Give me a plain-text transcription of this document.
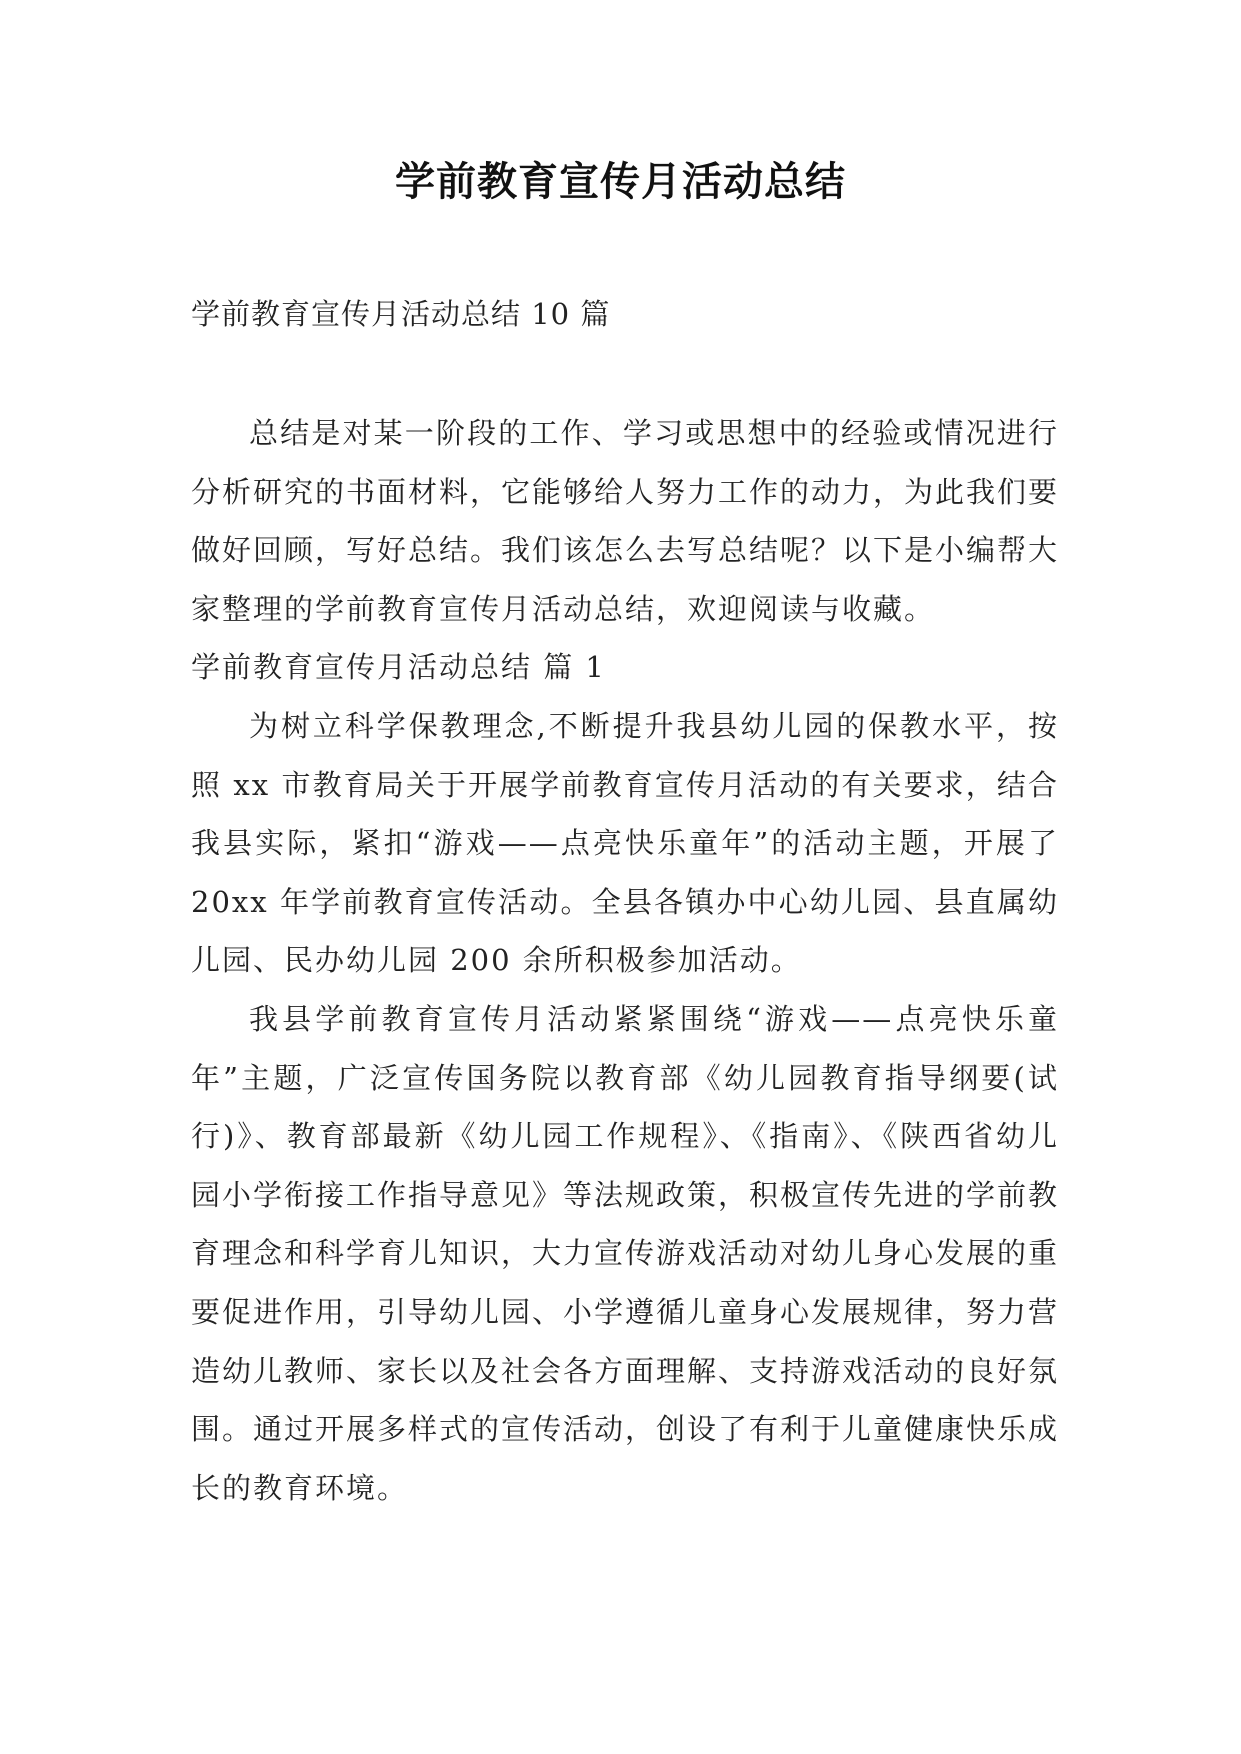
学前教育宣传月活动总结
学前教育宣传月活动总结 10 篇

总结是对某一阶段的工作、学习或思想中的经验或情况进行分析研究的书面材料，它能够给人努力工作的动力，为此我们要做好回顾，写好总结。我们该怎么去写总结呢？以下是小编帮大家整理的学前教育宣传月活动总结，欢迎阅读与收藏。

学前教育宣传月活动总结 篇 1

为树立科学保教理念,不断提升我县幼儿园的保教水平，按照 xx 市教育局关于开展学前教育宣传月活动的有关要求，结合我县实际，紧扣“游戏——点亮快乐童年”的活动主题，开展了 20xx 年学前教育宣传活动。全县各镇办中心幼儿园、县直属幼儿园、民办幼儿园 200 余所积极参加活动。

我县学前教育宣传月活动紧紧围绕“游戏——点亮快乐童年”主题，广泛宣传国务院以教育部《幼儿园教育指导纲要(试行)》、教育部最新《幼儿园工作规程》、《指南》、《陕西省幼儿园小学衔接工作指导意见》等法规政策，积极宣传先进的学前教育理念和科学育儿知识，大力宣传游戏活动对幼儿身心发展的重要促进作用，引导幼儿园、小学遵循儿童身心发展规律，努力营造幼儿教师、家长以及社会各方面理解、支持游戏活动的良好氛围。通过开展多样式的宣传活动，创设了有利于儿童健康快乐成长的教育环境。
